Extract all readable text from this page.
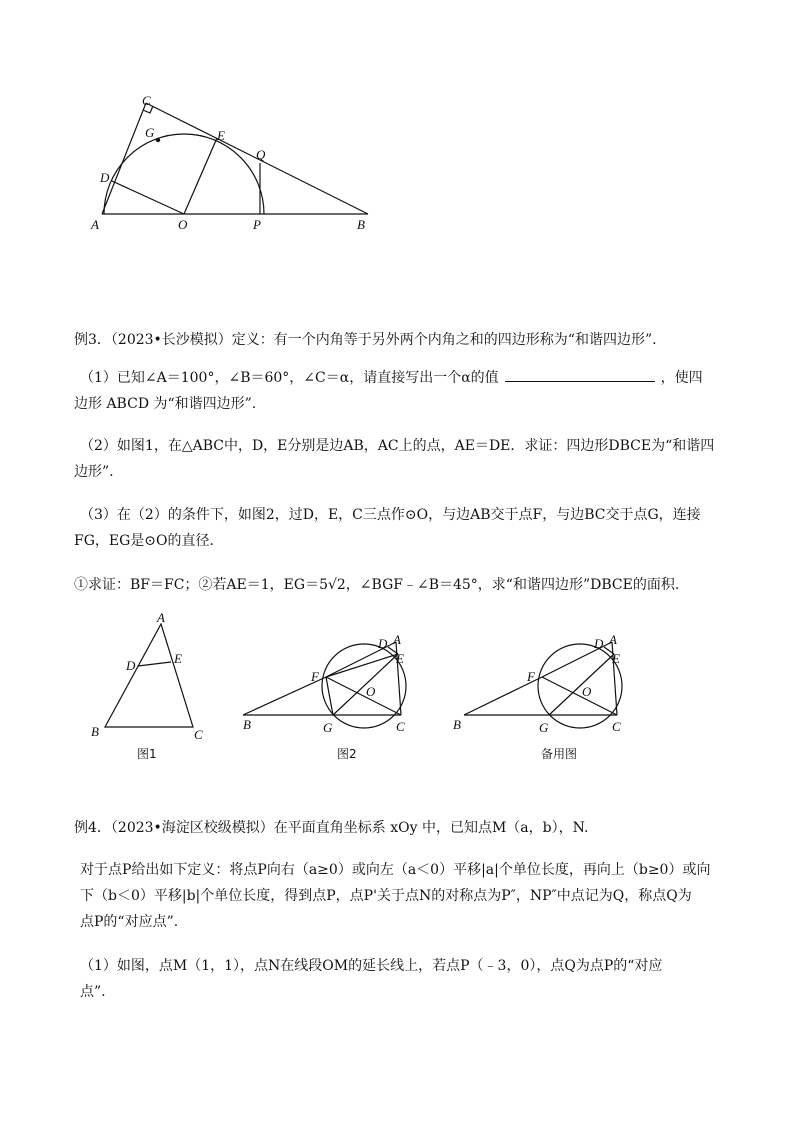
A	O	P	B
C
G	E
Q
D
例3．（2023•长沙模拟）定义：有一个内角等于另外两个内角之和的四边形称为“和谐四边形”.
（1）已知∠A＝100°，∠B＝60°，∠C＝α，请直接写出一个α的值	，使四
边形 ABCD 为“和谐四边形”.
（2）如图1，在△ABC中，D，E分别是边AB，AC上的点，AE＝DE．求证：四边形DBCE为“和谐四
边形”.
（3）在（2）的条件下，如图2，过D，E，C三点作⊙O，与边AB交于点F，与边BC交于点G，连接
FG，EG是⊙O的直径.
①求证：BF＝FC；②若AE＝1，EG＝5√2，∠BGF﹣∠B＝45°，求“和谐四边形”DBCE的面积.
A
D	E
B	C
图1
D A
E
F
O
B	G	C
图2
D A
E
F
O
B	G	C
备用图
例4．（2023•海淀区校级模拟）在平面直角坐标系 xOy 中，已知点M（a，b），N.
对于点P给出如下定义：将点P向右（a≥0）或向左（a＜0）平移|a|个单位长度，再向上（b≥0）或向
下（b＜0）平移|b|个单位长度，得到点P，点P'关于点N的对称点为P″，NP″中点记为Q，称点Q为
点P的“对应点”.
（1）如图，点M（1，1），点N在线段OM的延长线上，若点P（﹣3，0），点Q为点P的“对应
点”.
